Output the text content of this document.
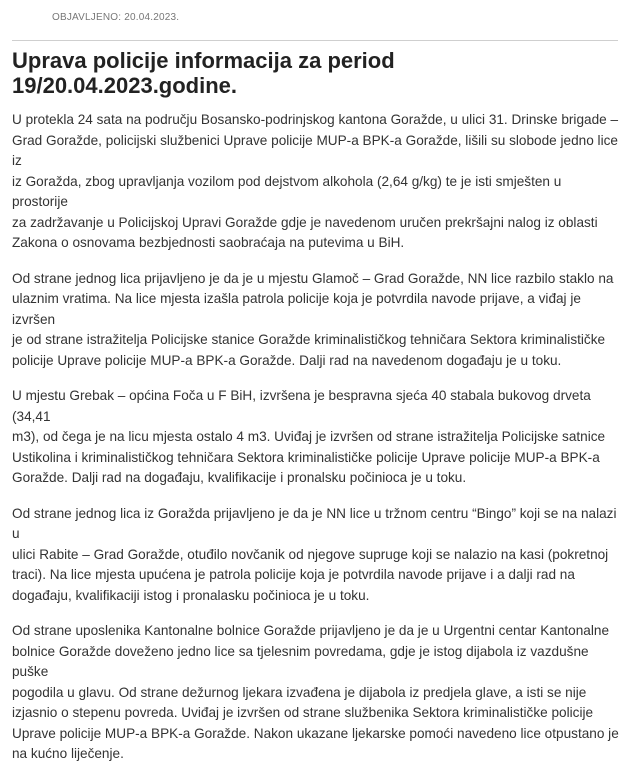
OBJAVLJENO: 20.04.2023.
Uprava policije informacija za period
19/20.04.2023.godine.

U protekla 24 sata na području Bosansko-podrinjskog kantona Goražde, u ulici 31. Drinske brigade –
Grad Goražde, policijski službenici Uprave policije MUP-a BPK-a Goražde, lišili su slobode jedno lice iz
iz Goražda, zbog upravljanja vozilom pod dejstvom alkohola (2,64 g/kg) te je isti smješten u prostorije
za zadržavanje u Policijskoj Upravi Goražde gdje je navedenom uručen prekršajni nalog iz oblasti
Zakona o osnovama bezbjednosti saobraćaja na putevima u BiH.

Od strane jednog lica prijavljeno je da je u mjestu Glamoč – Grad Goražde, NN lice razbilo staklo na
ulaznim vratima. Na lice mjesta izašla patrola policije koja je potvrdila navode prijave, a viđaj je izvršen
je od strane istražitelja Policijske stanice Goražde kriminalističkog tehničara Sektora kriminalističke
policije Uprave policije MUP-a BPK-a Goražde. Dalji rad na navedenom događaju je u toku.

U mjestu Grebak – općina Foča u F BiH, izvršena je bespravna sjeća 40 stabala bukovog drveta (34,41
m3), od čega je na licu mjesta ostalo 4 m3. Uviđaj je izvršen od strane istražitelja Policijske satnice
Ustikolina i kriminalističkog tehničara Sektora kriminalističke policije Uprave policije MUP-a BPK-a
Goražde. Dalji rad na događaju, kvalifikacije i pronalsku počinioca je u toku.

Od strane jednog lica iz Goražda prijavljeno je da je NN lice u tržnom centru “Bingo” koji se na nalazi u
ulici Rabite – Grad Goražde, otuđilo novčanik od njegove supruge koji se nalazio na kasi (pokretnoj
traci). Na lice mjesta upućena je patrola policije koja je potvrdila navode prijave i a dalji rad na
događaju, kvalifikaciji istog i pronalasku počinioca je u toku.

Od strane uposlenika Kantonalne bolnice Goražde prijavljeno je da je u Urgentni centar Kantonalne
bolnice Goražde doveženo jedno lice sa tjelesnim povredama, gdje je istog dijabola iz vazdušne puške
pogodila u glavu. Od strane dežurnog ljekara izvađena je dijabola iz predjela glave, a isti se nije
izjasnio o stepenu povreda. Uviđaj je izvršen od strane službenika Sektora kriminalističke policije
Uprave policije MUP-a BPK-a Goražde. Nakon ukazane ljekarske pomoći navedeno lice otpustano je
na kućno liječenje.
